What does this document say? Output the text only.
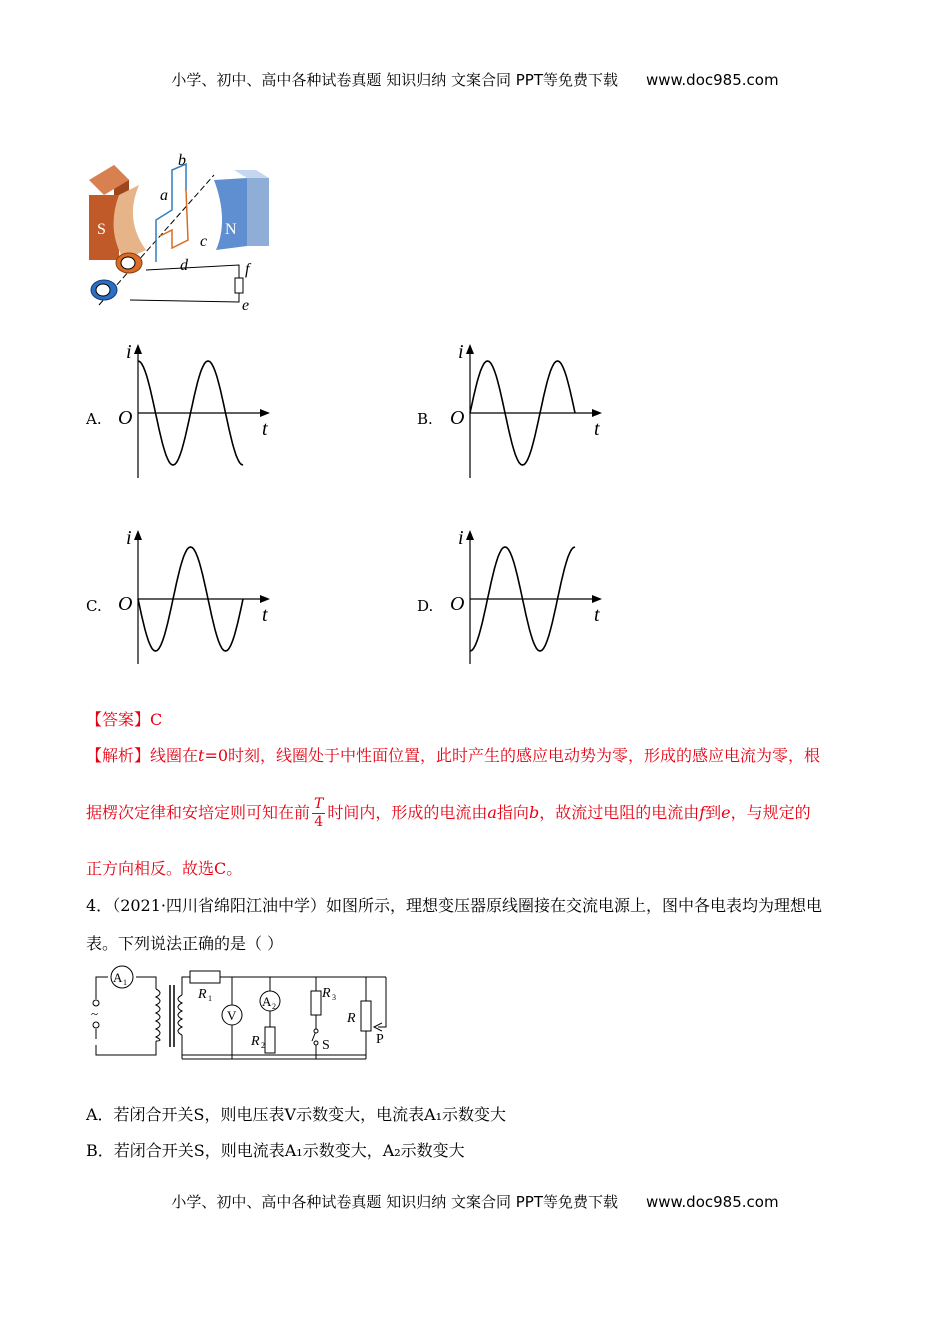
小学、初中、高中各种试卷真题 知识归纳 文案合同 PPT等免费下载 www.doc985.com
S	N
a
b
c
d	f
e
A.
i
O	t	B.
i
O	t
C.
i
O	t	D.
i
O	t
【答案】C
【解析】线圈在t=0时刻，线圈处于中性面位置，此时产生的感应电动势为零，形成的感应电流为零，根
据楞次定律和安培定则可知在前 $\frac{T}{4}$ 时间内，形成的电流由a指向b，故流过电阻的电流由f到e，与规定的
正方向相反。故选C。
4．（2021·四川省绵阳江油中学）如图所示，理想变压器原线圈接在交流电源上，图中各电表均为理想电
表。下列说法正确的是（ ）
A 1
V
A 2
~
R 1
R 2
R 3
S
R
P
A．若闭合开关S，则电压表V示数变大，电流表A₁示数变大
B．若闭合开关S，则电流表A₁示数变大，A₂示数变大
小学、初中、高中各种试卷真题 知识归纳 文案合同 PPT等免费下载 www.doc985.com
